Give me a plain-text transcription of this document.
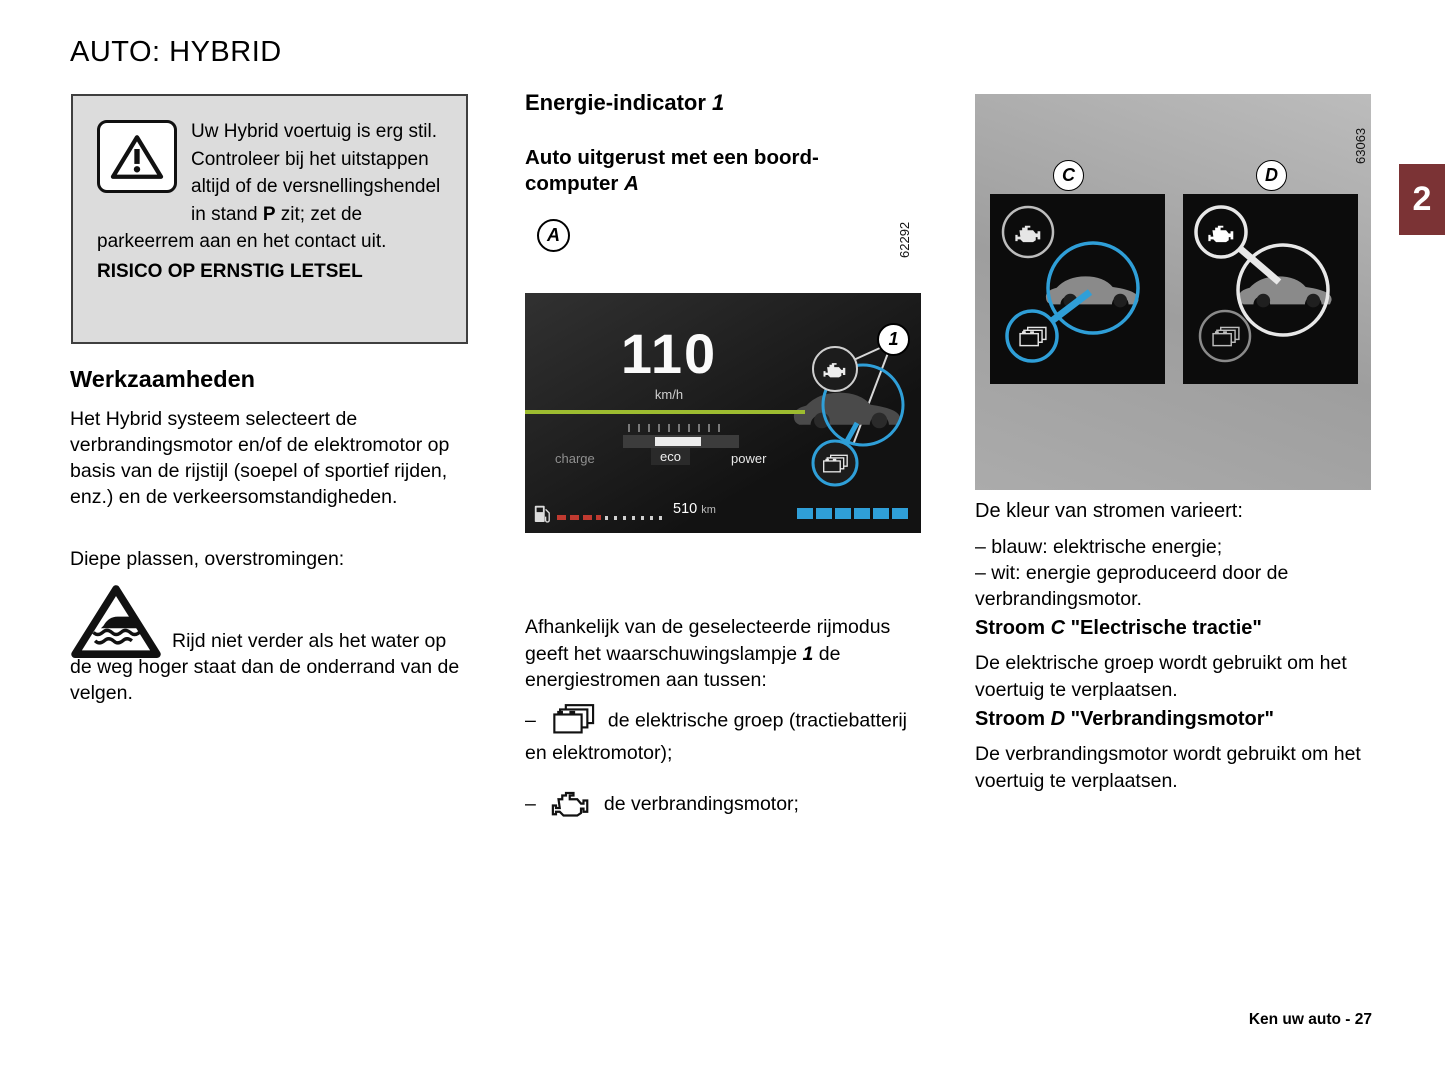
AUTO: HYBRID
2
Uw Hybrid voertuig is erg stil. Controleer bij het uitstappen altijd of de versnellingshendel in stand P zit; zet de parkeerrem aan en het contact uit.
RISICO OP ERNSTIG LETSEL
Werkzaamheden

Het Hybrid systeem selecteert de verbrandingsmotor en/of de elektromotor op basis van de rijstijl (soepel of sportief rijden, enz.) en de verkeersomstandigheden.

Diepe plassen, overstromingen:

Rijd niet verder als het water op de weg hoger staat dan de onderrand van de velgen.

Energie-indicator 1
Auto uitgerust met een boord-
computer A
A	62292
110
km/h
charge	eco	power
510 km
1

Afhankelijk van de geselecteerde rijmodus geeft het waarschuwingslampje 1 de energiestromen aan tussen:

–	de elektrische groep (tractiebatterij en elektromotor);
–	de verbrandingsmotor;
63063
C	D

De kleur van stromen varieert:

– blauw: elektrische energie;

– wit: energie geproduceerd door de verbrandingsmotor.

Stroom C "Electrische tractie"

De elektrische groep wordt gebruikt om het voertuig te verplaatsen.

Stroom D "Verbrandingsmotor"

De verbrandingsmotor wordt gebruikt om het voertuig te verplaatsen.

Ken uw auto - 27
